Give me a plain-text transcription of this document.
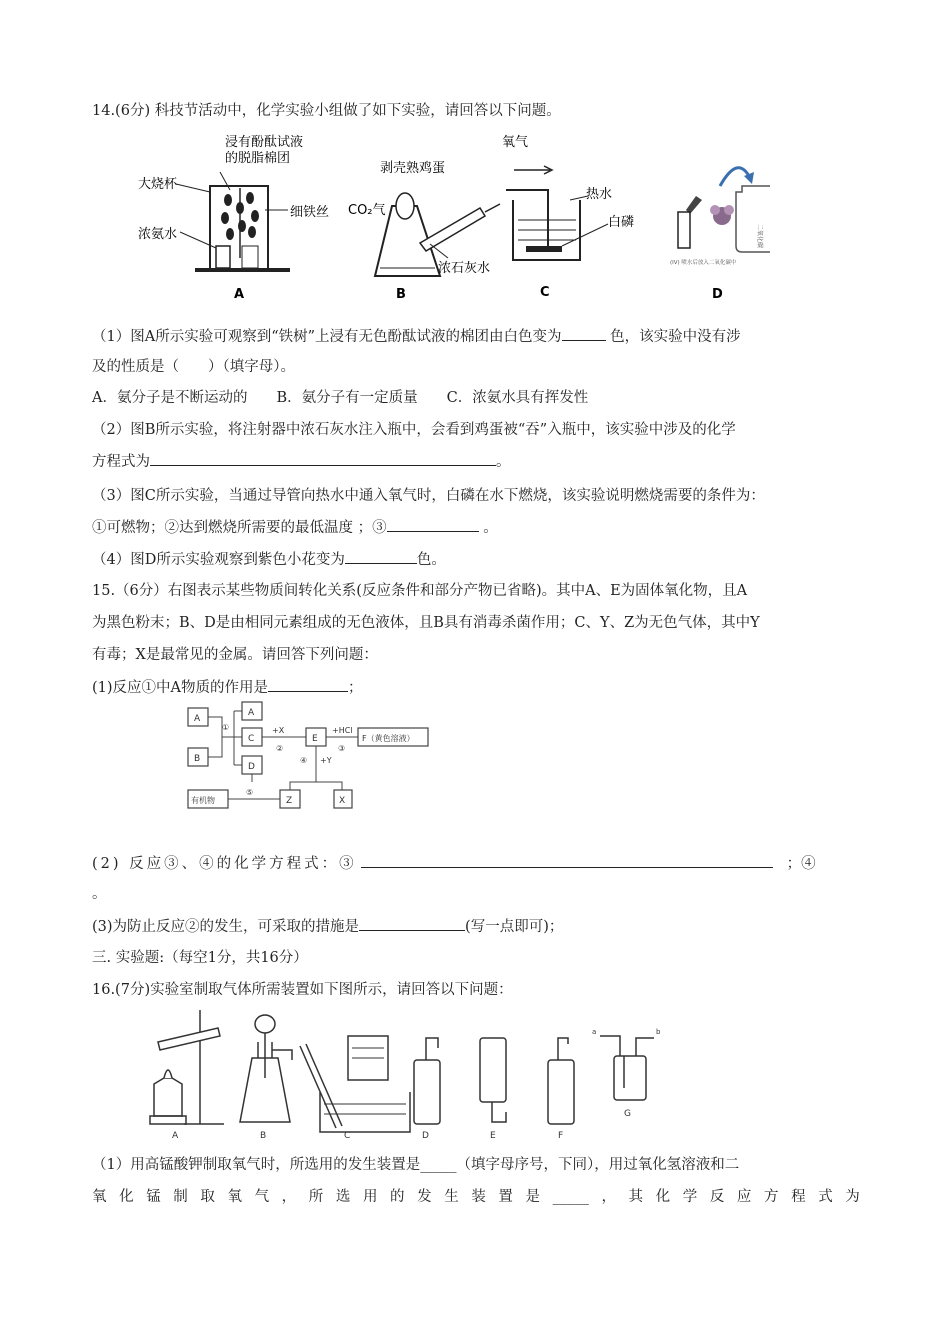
14.(6分) 科技节活动中，化学实验小组做了如下实验，请回答以下问题。
大烧杯
浸有酚酞试液
的脱脂棉团
细铁丝
浓氨水
A
剥壳熟鸡蛋
CO₂气
浓石灰水
B
氧气
热水
白磷
C
二氧化碳
(IV) 喷水后放入二氧化碳中
D
（1）图A所示实验可观察到“铁树”上浸有无色酚酞试液的棉团由白色变为	色，该实验中没有涉
及的性质是（　　）（填字母）。
A．氨分子是不断运动的　　B．氨分子有一定质量　　C．浓氨水具有挥发性
（2）图B所示实验，将注射器中浓石灰水注入瓶中，会看到鸡蛋被“吞”入瓶中，该实验中涉及的化学
方程式为	。
（3）图C所示实验，当通过导管向热水中通入氧气时，白磷在水下燃烧，该实验说明燃烧需要的条件为：
①可燃物；②达到燃烧所需要的最低温度 ；③	。
（4）图D所示实验观察到紫色小花变为	色。
15.（6分）右图表示某些物质间转化关系(反应条件和部分产物已省略)。其中A、E为固体氧化物，且A
为黑色粉末；B、D是由相同元素组成的无色液体，且B具有消毒杀菌作用；C、Y、Z为无色气体，其中Y
有毒；X是最常见的金属。请回答下列问题：
(1)反应①中A物质的作用是	；
A
B
A
C
D
E	F（黄色溶液）
有机物	Z	X
①	+X
②
+HCl
③
④ +Y
⑤
(2) 反应③、④的化学方程式：③	；④
。
(3)为防止反应②的发生，可采取的措施是	(写一点即可)；
三. 实验题:（每空1分，共16分）
16.(7分)实验室制取气体所需装置如下图所示，请回答以下问题：
A	B	C	D	E	F
G
a	b
（1）用高锰酸钾制取氧气时，所选用的发生装置是_____（填字母序号，下同），用过氧化氢溶液和二
氧 化 锰 制 取 氧 气 ， 所 选 用 的 发 生 装 置 是 _____ ， 其 化 学 反 应 方 程 式 为
